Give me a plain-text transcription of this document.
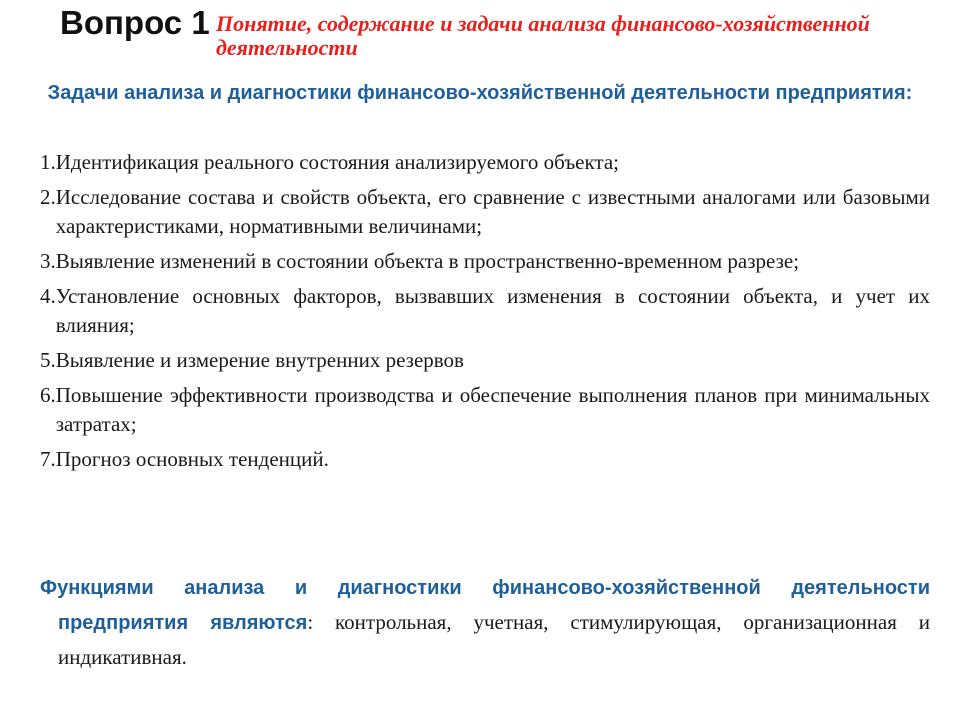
Вопрос 1 Понятие, содержание и задачи анализа финансово-хозяйственной деятельности
Задачи анализа и диагностики финансово-хозяйственной деятельности предприятия:
1. Идентификация реального состояния анализируемого объекта;
2. Исследование состава и свойств объекта, его сравнение с известными аналогами или базовыми характеристиками, нормативными величинами;
3. Выявление изменений в состоянии объекта в пространственно-временном разрезе;
4. Установление основных факторов, вызвавших изменения в состоянии объекта, и учет их влияния;
5. Выявление и измерение внутренних резервов
6. Повышение эффективности производства и обеспечение выполнения планов при минимальных затратах;
7. Прогноз основных тенденций.
Функциями анализа и диагностики финансово-хозяйственной деятельности предприятия являются: контрольная, учетная, стимулирующая, организационная и индикативная.
